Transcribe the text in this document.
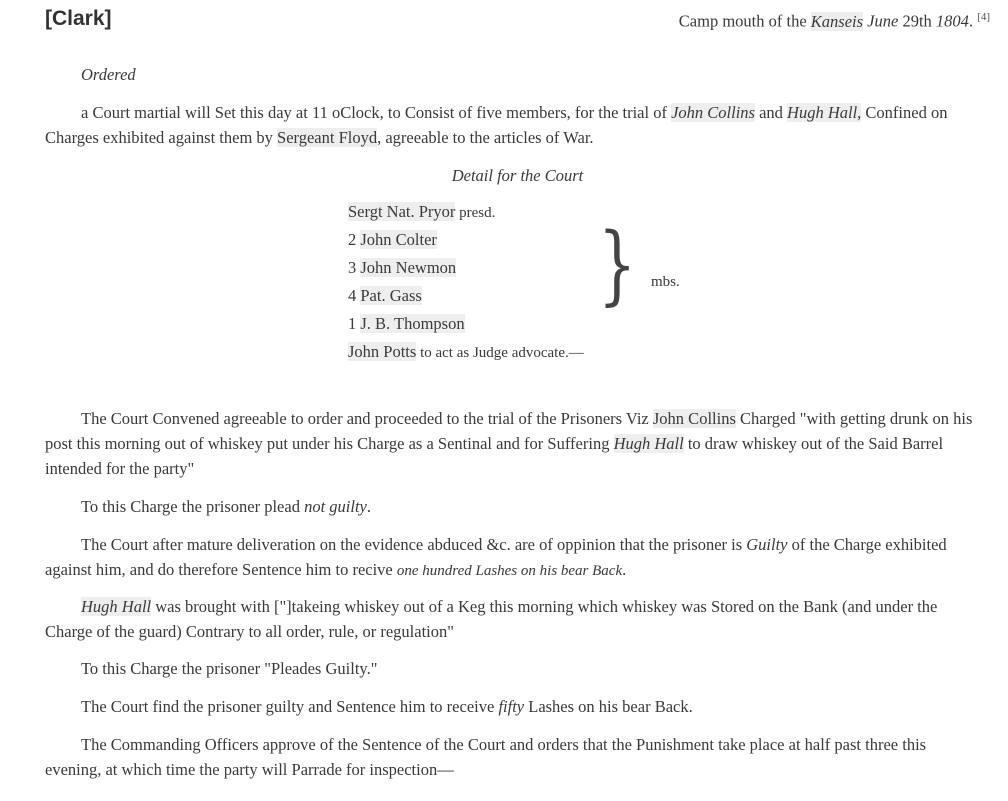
[Clark]	Camp mouth of the Kanseis June 29th 1804. [4]
Ordered

a Court martial will Set this day at 11 oClock, to Consist of five members, for the trial of John Collins and Hugh Hall, Confined on Charges exhibited against them by Sergeant Floyd, agreeable to the articles of War.

Detail for the Court
Sergt Nat. Pryor presd.
2 John Colter
3 John Newmon
4 Pat. Gass
1 J. B. Thompson
John Potts to act as Judge advocate.—
} mbs.

The Court Convened agreeable to order and proceeded to the trial of the Prisoners Viz John Collins Charged "with getting drunk on his post this morning out of whiskey put under his Charge as a Sentinal and for Suffering Hugh Hall to draw whiskey out of the Said Barrel intended for the party"

To this Charge the prisoner plead not guilty.

The Court after mature deliveration on the evidence abduced &c. are of oppinion that the prisoner is Guilty of the Charge exhibited against him, and do therefore Sentence him to recive one hundred Lashes on his bear Back.

Hugh Hall was brought with ["]takeing whiskey out of a Keg this morning which whiskey was Stored on the Bank (and under the Charge of the guard) Contrary to all order, rule, or regulation"

To this Charge the prisoner "Pleades Guilty."

The Court find the prisoner guilty and Sentence him to receive fifty Lashes on his bear Back.

The Commanding Officers approve of the Sentence of the Court and orders that the Punishment take place at half past three this evening, at which time the party will Parrade for inspection—
